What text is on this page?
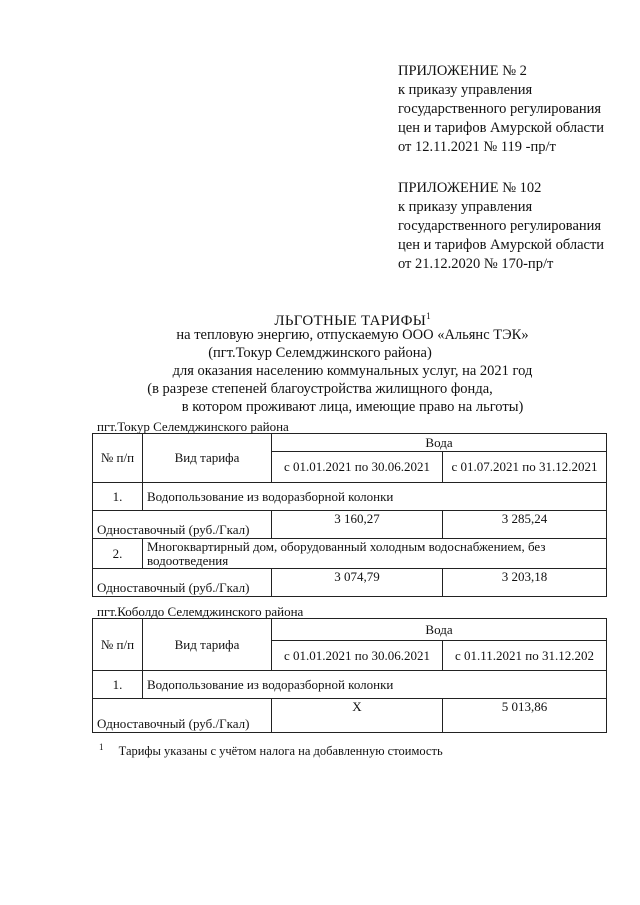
ПРИЛОЖЕНИЕ № 2
к приказу управления
государственного регулирования
цен и тарифов Амурской области
от 12.11.2021 № 119 -пр/т
ПРИЛОЖЕНИЕ № 102
к приказу управления
государственного регулирования
цен и тарифов Амурской области
от 21.12.2020 № 170-пр/т
ЛЬГОТНЫЕ ТАРИФЫ$^1$
на тепловую энергию, отпускаемую ООО «Альянс ТЭК»
(пгт.Токур Селемджинского района)
для оказания населению коммунальных услуг, на 2021 год
(в разрезе степеней благоустройства жилищного фонда,
в котором проживают лица, имеющие право на льготы)
пгт.Токур Селемджинского района
№ п/п	Вид тарифа	Вода	
		с 01.01.2021 по 30.06.2021	с 01.07.2021 по 31.12.2021
1.	Водопользование из водоразборной колонки		
Одноставочный (руб./Гкал)		3 160,27	3 285,24
2.	Многоквартирный дом, оборудованный холодным водоснабжением, без водоотведения		
Одноставочный (руб./Гкал)		3 074,79	3 203,18
пгт.Коболдо Селемджинского района
№ п/п	Вид тарифа	Вода	
		с 01.01.2021 по 30.06.2021	с 01.11.2021 по 31.12.202
1.	Водопользование из водоразборной колонки		
Одноставочный (руб./Гкал)		Х	5 013,86
$^1$ Тарифы указаны с учётом налога на добавленную стоимость
